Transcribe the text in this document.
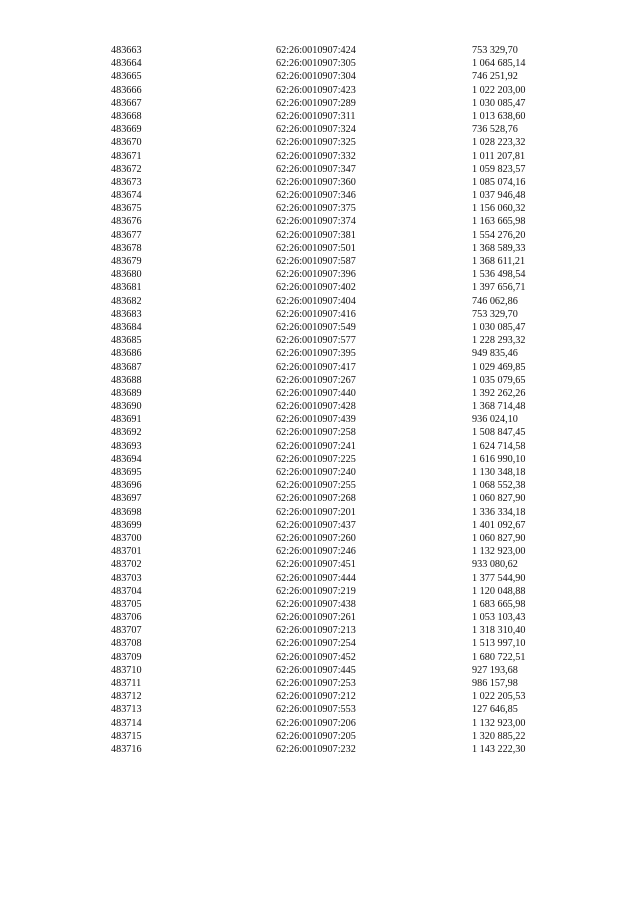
483663	62:26:0010907:424	753 329,70
483664	62:26:0010907:305	1 064 685,14
483665	62:26:0010907:304	746 251,92
483666	62:26:0010907:423	1 022 203,00
483667	62:26:0010907:289	1 030 085,47
483668	62:26:0010907:311	1 013 638,60
483669	62:26:0010907:324	736 528,76
483670	62:26:0010907:325	1 028 223,32
483671	62:26:0010907:332	1 011 207,81
483672	62:26:0010907:347	1 059 823,57
483673	62:26:0010907:360	1 085 074,16
483674	62:26:0010907:346	1 037 946,48
483675	62:26:0010907:375	1 156 060,32
483676	62:26:0010907:374	1 163 665,98
483677	62:26:0010907:381	1 554 276,20
483678	62:26:0010907:501	1 368 589,33
483679	62:26:0010907:587	1 368 611,21
483680	62:26:0010907:396	1 536 498,54
483681	62:26:0010907:402	1 397 656,71
483682	62:26:0010907:404	746 062,86
483683	62:26:0010907:416	753 329,70
483684	62:26:0010907:549	1 030 085,47
483685	62:26:0010907:577	1 228 293,32
483686	62:26:0010907:395	949 835,46
483687	62:26:0010907:417	1 029 469,85
483688	62:26:0010907:267	1 035 079,65
483689	62:26:0010907:440	1 392 262,26
483690	62:26:0010907:428	1 368 714,48
483691	62:26:0010907:439	936 024,10
483692	62:26:0010907:258	1 508 847,45
483693	62:26:0010907:241	1 624 714,58
483694	62:26:0010907:225	1 616 990,10
483695	62:26:0010907:240	1 130 348,18
483696	62:26:0010907:255	1 068 552,38
483697	62:26:0010907:268	1 060 827,90
483698	62:26:0010907:201	1 336 334,18
483699	62:26:0010907:437	1 401 092,67
483700	62:26:0010907:260	1 060 827,90
483701	62:26:0010907:246	1 132 923,00
483702	62:26:0010907:451	933 080,62
483703	62:26:0010907:444	1 377 544,90
483704	62:26:0010907:219	1 120 048,88
483705	62:26:0010907:438	1 683 665,98
483706	62:26:0010907:261	1 053 103,43
483707	62:26:0010907:213	1 318 310,40
483708	62:26:0010907:254	1 513 997,10
483709	62:26:0010907:452	1 680 722,51
483710	62:26:0010907:445	927 193,68
483711	62:26:0010907:253	986 157,98
483712	62:26:0010907:212	1 022 205,53
483713	62:26:0010907:553	127 646,85
483714	62:26:0010907:206	1 132 923,00
483715	62:26:0010907:205	1 320 885,22
483716	62:26:0010907:232	1 143 222,30
